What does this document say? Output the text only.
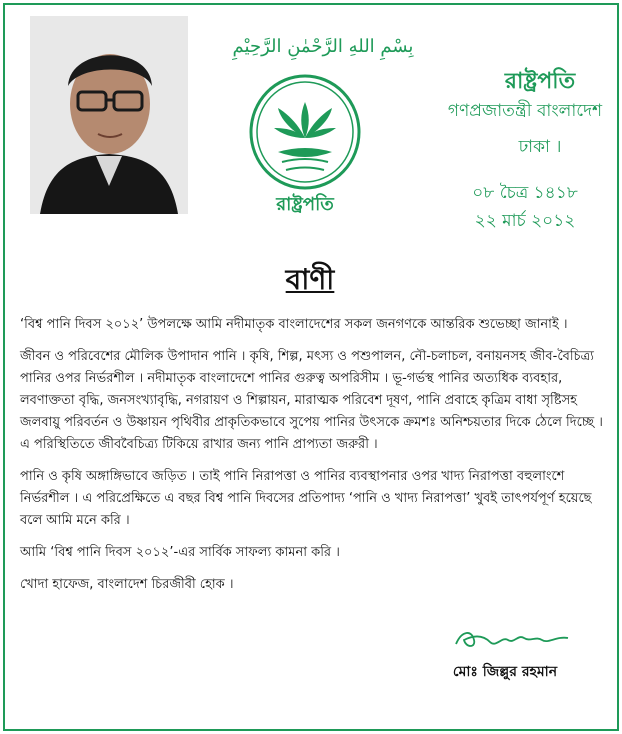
بِسْمِ اللهِ الرَّحْمٰنِ الرَّحِيْمِ
রাষ্ট্রপতি
রাষ্ট্রপতি
গণপ্রজাতন্ত্রী বাংলাদেশ
ঢাকা ।
০৮ চৈত্র ১৪১৮
২২ মার্চ ২০১২
বাণী

‘বিশ্ব পানি দিবস ২০১২’ উপলক্ষে আমি নদীমাতৃক বাংলাদেশের সকল জনগণকে আন্তরিক শুভেচ্ছা জানাই ।

জীবন ও পরিবেশের মৌলিক উপাদান পানি । কৃষি, শিল্প, মৎস্য ও পশুপালন, নৌ-চলাচল, বনায়নসহ জীব-বৈচিত্র্য পানির ওপর নির্ভরশীল । নদীমাতৃক বাংলাদেশে পানির গুরুত্ব অপরিসীম । ভূ-গর্ভস্থ পানির অত্যধিক ব্যবহার, লবণাক্ততা বৃদ্ধি, জনসংখ্যাবৃদ্ধি, নগরায়ণ ও শিল্পায়ন, মারাত্মক পরিবেশ দূষণ, পানি প্রবাহে কৃত্রিম বাধা সৃষ্টিসহ জলবায়ু পরিবর্তন ও উষ্ণায়ন পৃথিবীর প্রাকৃতিকভাবে সুপেয় পানির উৎসকে ক্রমশঃ অনিশ্চয়তার দিকে ঠেলে দিচ্ছে । এ পরিস্থিতিতে জীববৈচিত্র্য টিকিয়ে রাখার জন্য পানি প্রাপ্যতা জরুরী ।

পানি ও কৃষি অঙ্গাঙ্গিভাবে জড়িত । তাই পানি নিরাপত্তা ও পানির ব্যবস্থাপনার ওপর খাদ্য নিরাপত্তা বহুলাংশে নির্ভরশীল । এ পরিপ্রেক্ষিতে এ বছর বিশ্ব পানি দিবসের প্রতিপাদ্য ‘পানি ও খাদ্য নিরাপত্তা’ খুবই তাৎপর্যপূর্ণ হয়েছে বলে আমি মনে করি ।

আমি ‘বিশ্ব পানি দিবস ২০১২’-এর সার্বিক সাফল্য কামনা করি ।

খোদা হাফেজ, বাংলাদেশ চিরজীবী হোক ।

মোঃ জিল্লুর রহমান
